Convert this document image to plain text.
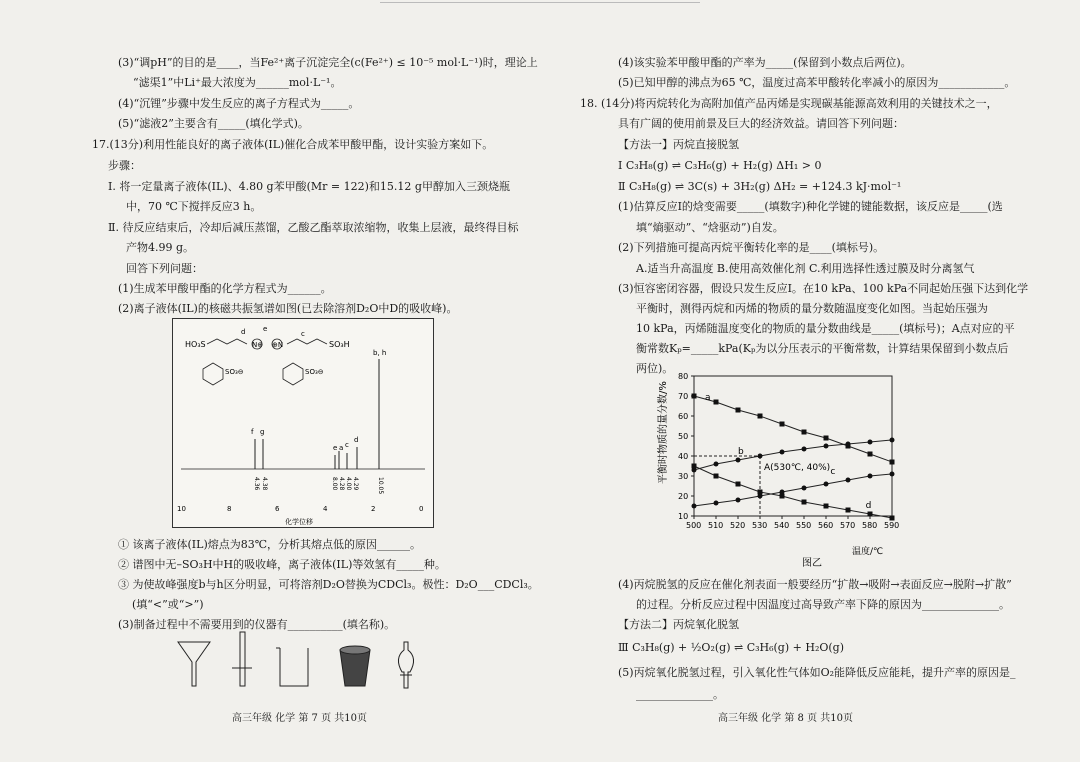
(3)“调pH”的目的是____，当Fe²⁺离子沉淀完全(c(Fe²⁺) ≤ 10⁻⁵ mol·L⁻¹)时，理论上
“滤渠1”中Li⁺最大浓度为______mol·L⁻¹。
(4)“沉锂”步骤中发生反应的离子方程式为_____。
(5)“滤液2”主要含有_____(填化学式)。
17.(13分)利用性能良好的离子液体(IL)催化合成苯甲酸甲酯，设计实验方案如下。
步骤：
Ⅰ. 将一定量离子液体(IL)、4.80 g苯甲酸(Mr = 122)和15.12 g甲醇加入三颈烧瓶
中，70 ℃下搅拌反应3 h。
Ⅱ. 待反应结束后，冷却后减压蒸馏，乙酸乙酯萃取浓缩物，收集上层液，最终得目标
产物4.99 g。
回答下列问题：
(1)生成苯甲酸甲酯的化学方程式为______。
(2)离子液体(IL)的核磁共振氢谱如图(已去除溶剂D₂O中D的吸收峰)。
HO₃S	N⊕ ⊕N	SO₃H
d	e
c
SO₃⊖	SO₃⊖
f g
e a c
d
b, h
4.36 4.38	8.00 4.28 4.00 4.29	10.05
10	8	6	4	2	0
化学位移
① 该离子液体(IL)熔点为83℃，分析其熔点低的原因______。
② 谱图中无–SO₃H中H的吸收峰，离子液体(IL)等效氢有_____种。
③ 为使故峰强度b与h区分明显，可将溶剂D₂O替换为CDCl₃。极性：D₂O___CDCl₃。
(填“<”或“>”)
(3)制备过程中不需要用到的仪器有__________(填名称)。
高三年级 化学 第 7 页 共10页
(4)该实验苯甲酸甲酯的产率为_____(保留到小数点后两位)。
(5)已知甲醇的沸点为65 ℃，温度过高苯甲酸转化率减小的原因为____________。
18. (14分)将丙烷转化为高附加值产品丙烯是实现碳基能源高效利用的关键技术之一，
具有广阔的使用前景及巨大的经济效益。请回答下列问题：
【方法一】丙烷直接脱氢
Ⅰ C₃H₈(g) ⇌ C₃H₆(g) + H₂(g) ΔH₁ > 0
Ⅱ C₃H₈(g) ⇌ 3C(s) + 3H₂(g) ΔH₂ = +124.3 kJ·mol⁻¹
(1)估算反应Ⅰ的焓变需要_____(填数字)种化学键的键能数据，该反应是_____(选
填“熵驱动”、“焓驱动”)自发。
(2)下列措施可提高丙烷平衡转化率的是____(填标号)。
A.适当升高温度 B.使用高效催化剂 C.利用选择性透过膜及时分离氢气
(3)恒容密闭容器，假设只发生反应Ⅰ。在10 kPa、100 kPa不同起始压强下达到化学
平衡时，测得丙烷和丙烯的物质的量分数随温度变化如图。当起始压强为
10 kPa，丙烯随温度变化的物质的量分数曲线是_____(填标号)；A点对应的平
衡常数Kₚ=_____kPa(Kₚ为以分压表示的平衡常数，计算结果保留到小数点后
两位)。
10
20
30
40
50
60
70
80
500 510 520 530 540 550 560 570 580 590
a
b
c
d
平衡时物质的量分数/%
温度/℃
A(530℃, 40%)
图乙
(4)丙烷脱氢的反应在催化剂表面一般要经历“扩散→吸附→表面反应→脱附→扩散”
的过程。分析反应过程中因温度过高导致产率下降的原因为______________。
【方法二】丙烷氧化脱氢
Ⅲ C₃H₈(g) + ½O₂(g) ⇌ C₃H₆(g) + H₂O(g)
(5)丙烷氧化脱氢过程，引入氧化性气体如O₂能降低反应能耗，提升产率的原因是_
______________。
高三年级 化学 第 8 页 共10页
